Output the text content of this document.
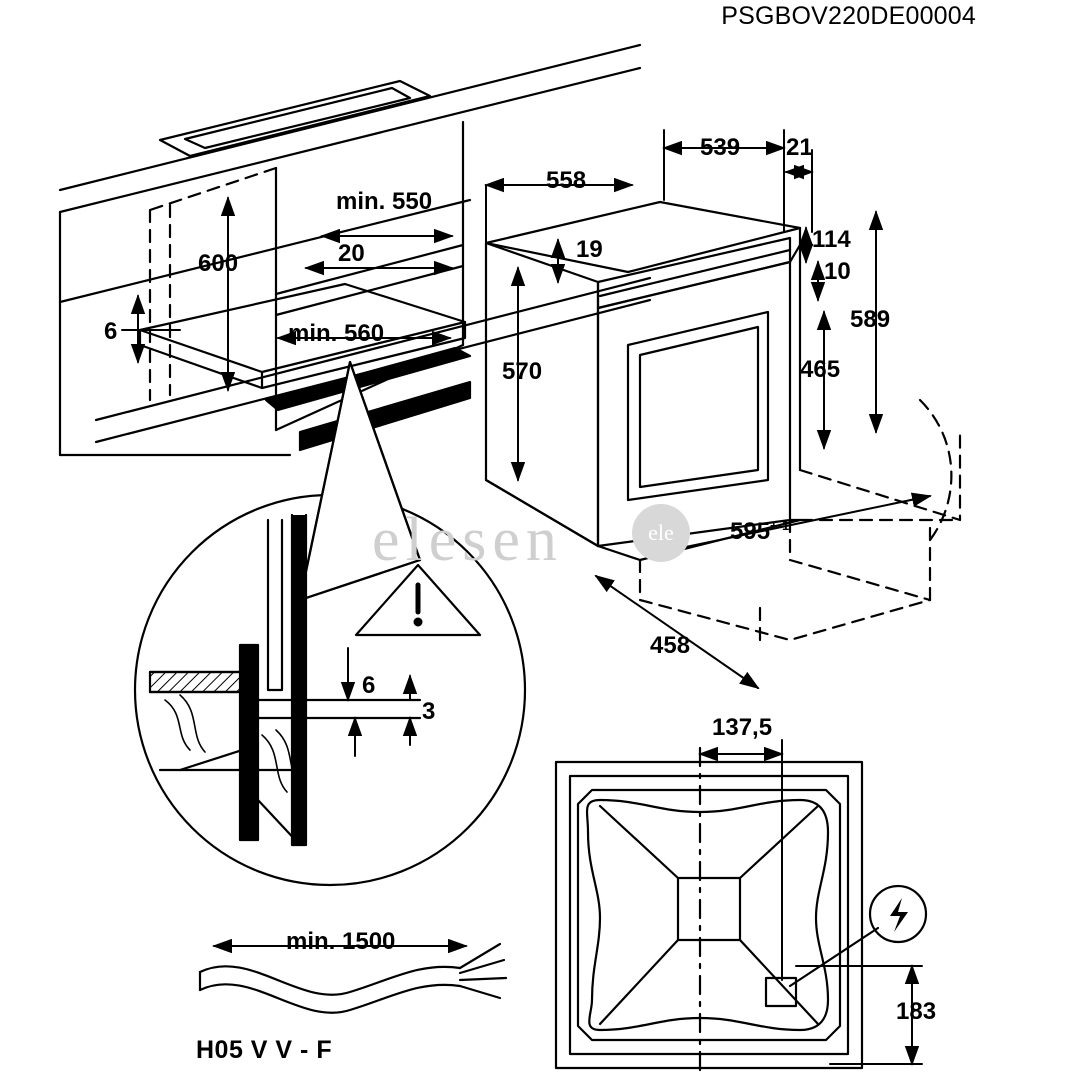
PSGBOV220DE00004
min. 550
20
600
min. 560
6
558
539 21
19	114
10
589
465
570
$595^{+-1}$
458
6
3
137,5
183
min. 1500
H05 V V - F
elesen	ele
